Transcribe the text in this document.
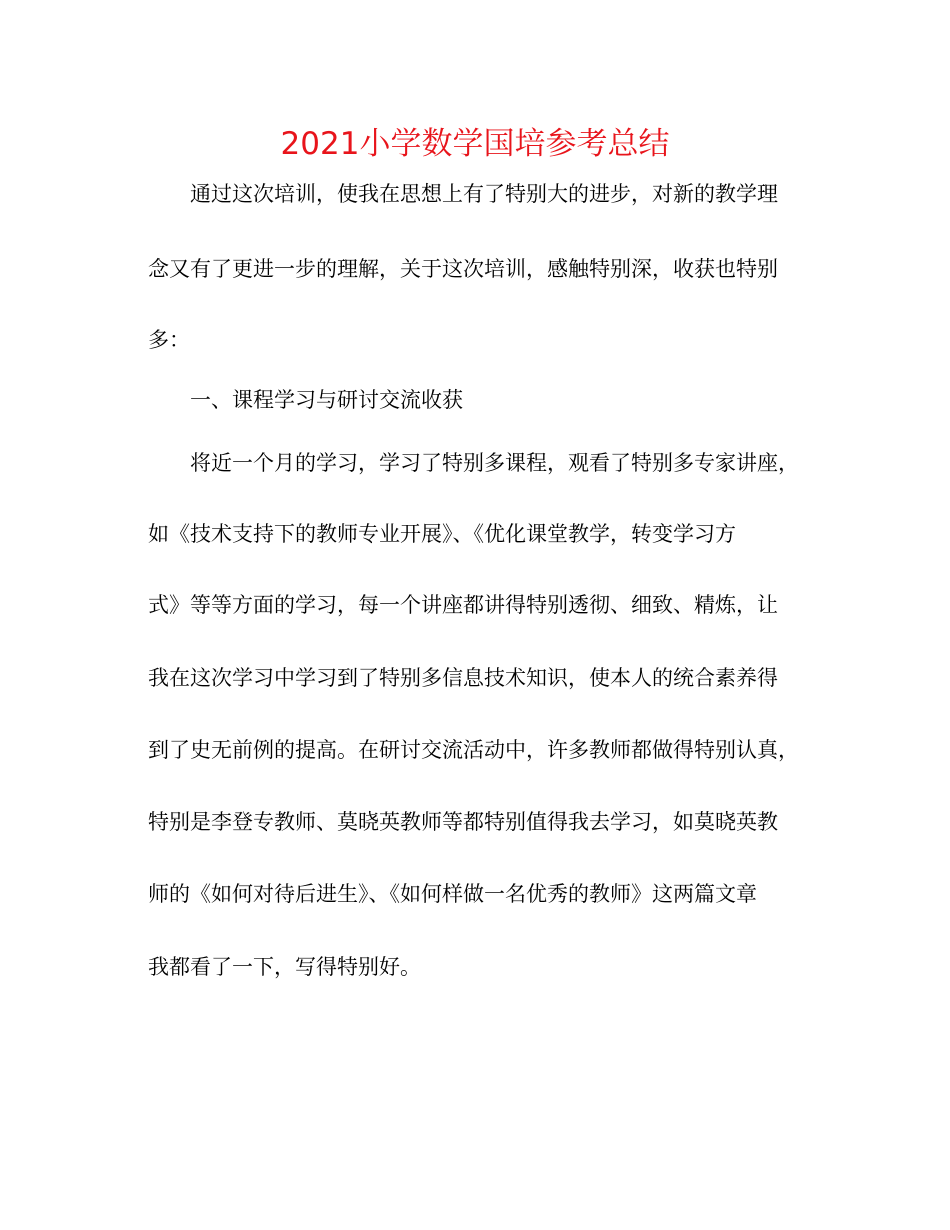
2021小学数学国培参考总结

通过这次培训，使我在思想上有了特别大的进步，对新的教学理

念又有了更进一步的理解，关于这次培训，感触特别深，收获也特别

多：

一、课程学习与研讨交流收获

将近一个月的学习，学习了特别多课程，观看了特别多专家讲座，

如《技术支持下的教师专业开展》、《优化课堂教学，转变学习方

式》等等方面的学习，每一个讲座都讲得特别透彻、细致、精炼，让

我在这次学习中学习到了特别多信息技术知识，使本人的统合素养得

到了史无前例的提高。在研讨交流活动中，许多教师都做得特别认真，

特别是李登专教师、莫晓英教师等都特别值得我去学习，如莫晓英教

师的《如何对待后进生》、《如何样做一名优秀的教师》这两篇文章

我都看了一下，写得特别好。
